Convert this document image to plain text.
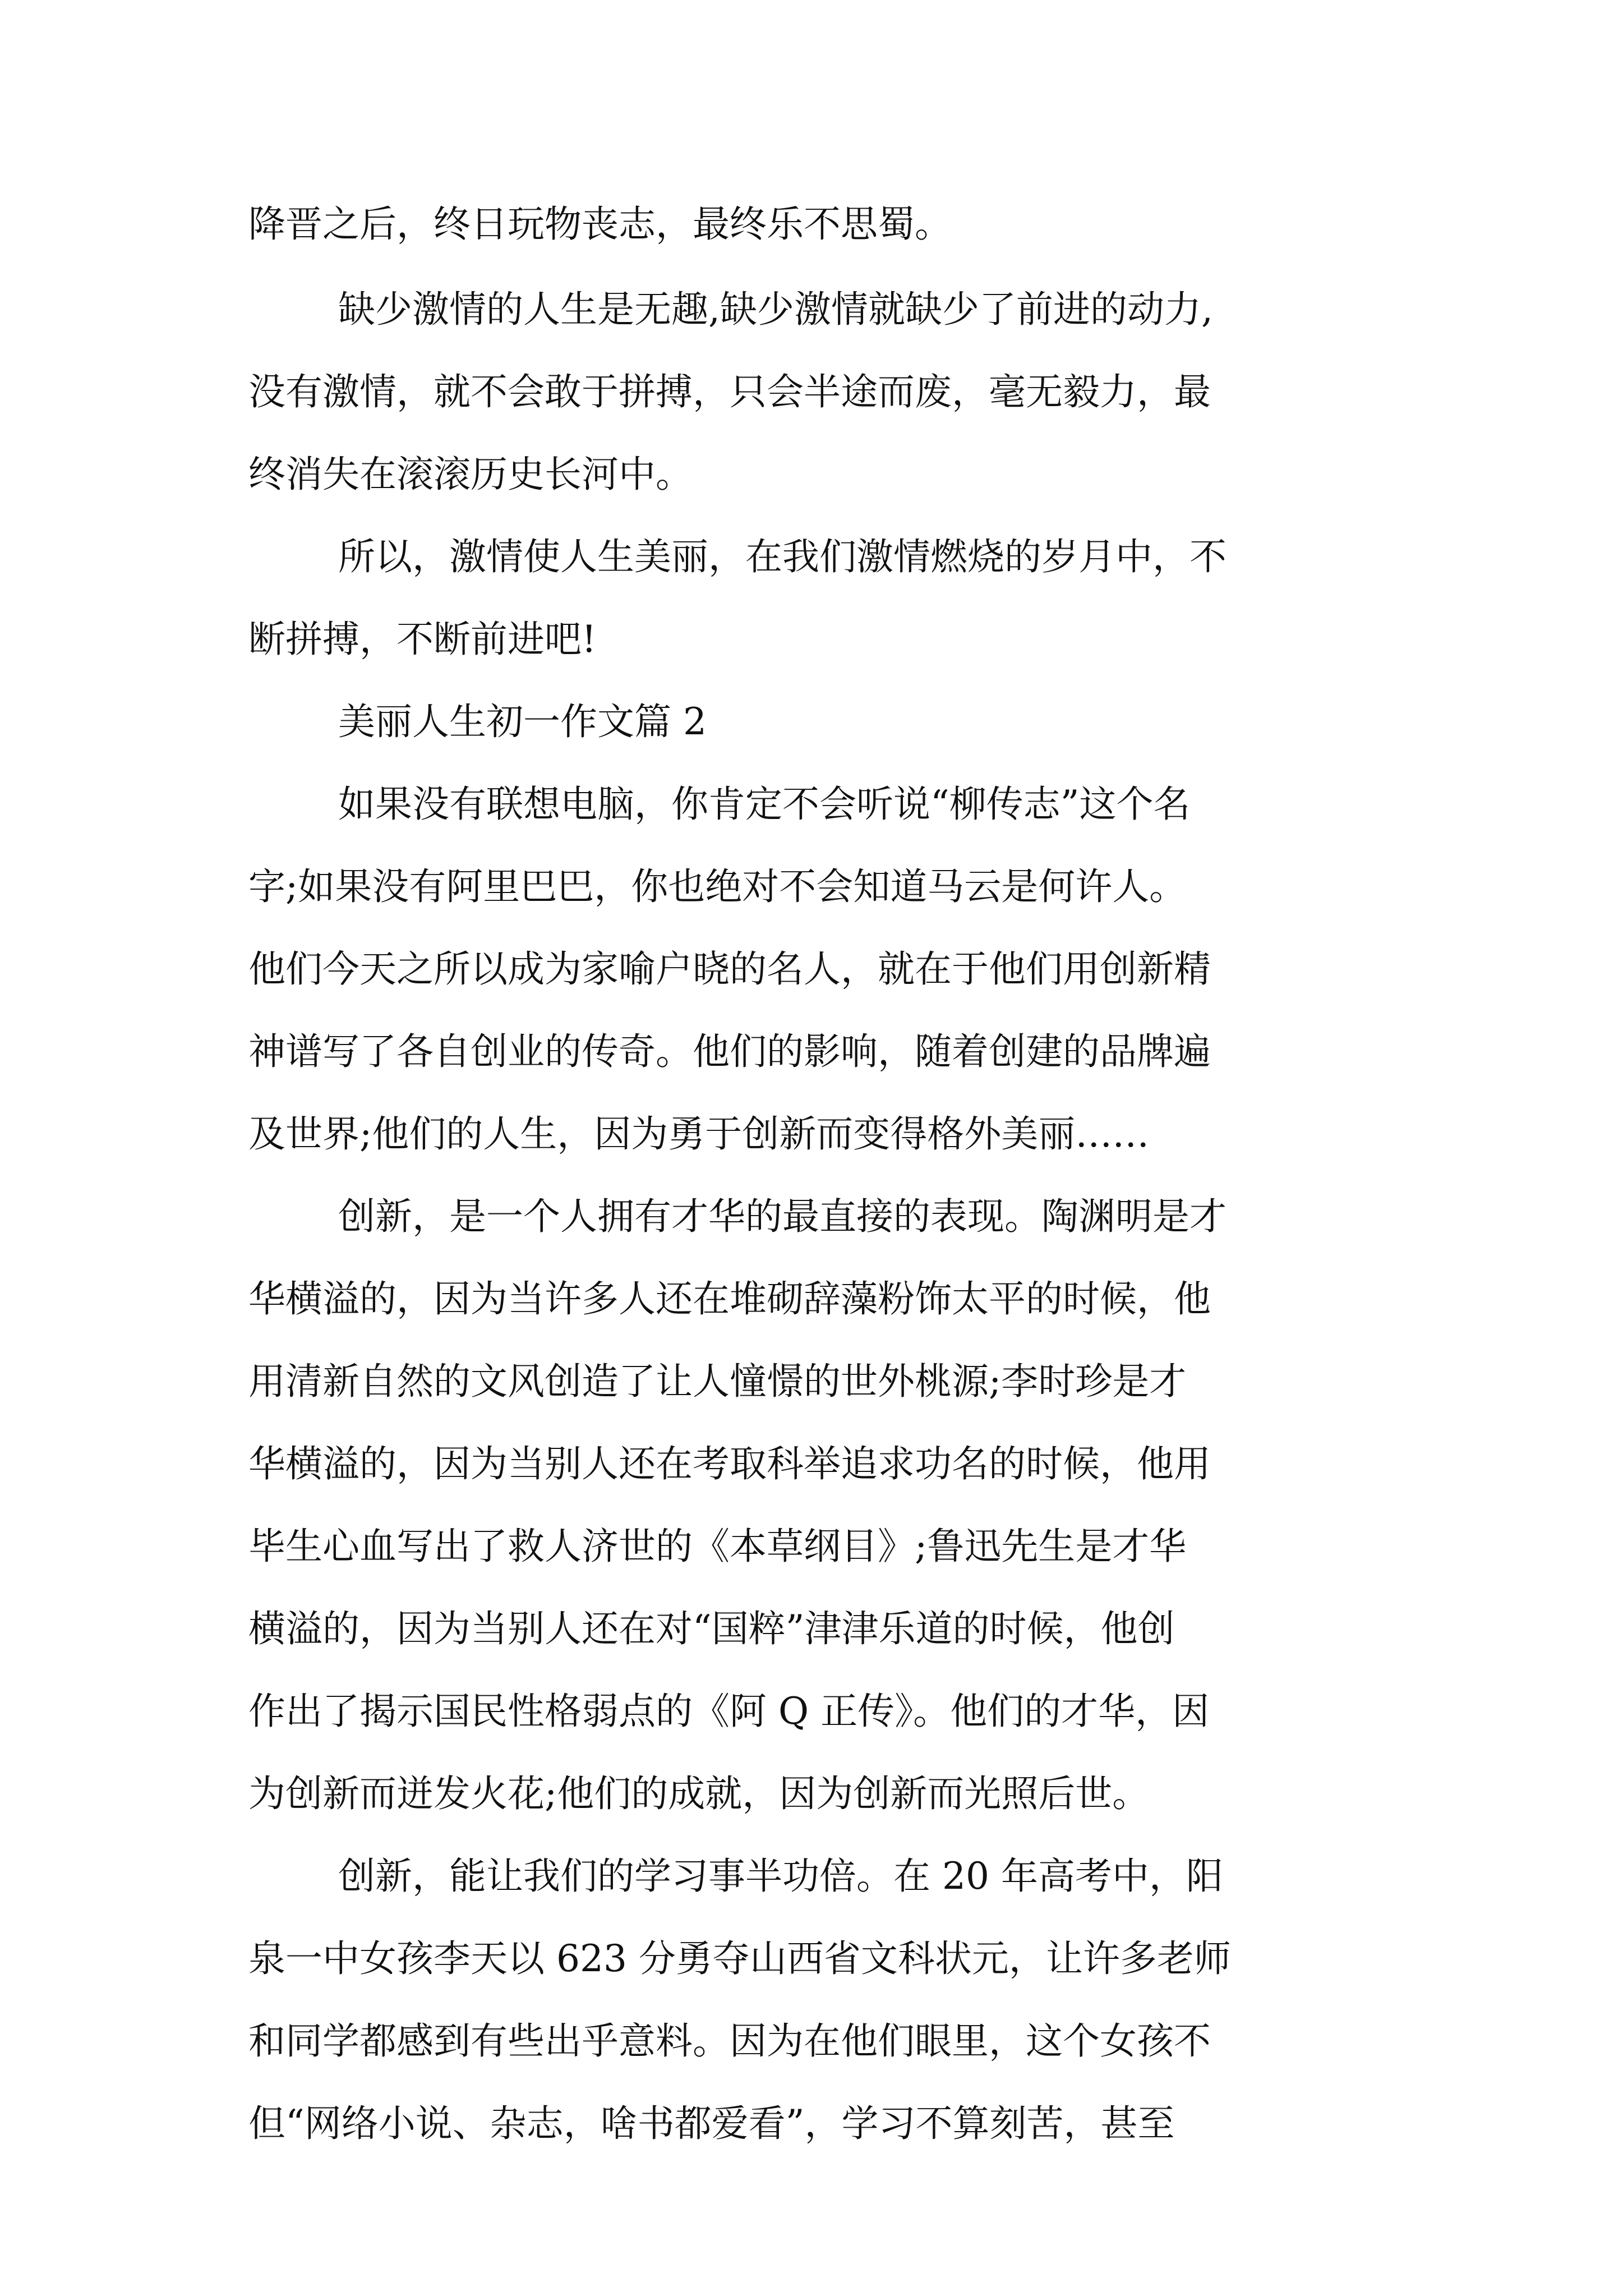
降晋之后，终日玩物丧志，最终乐不思蜀。

缺少激情的人生是无趣,缺少激情就缺少了前进的动力,

没有激情，就不会敢于拼搏，只会半途而废，毫无毅力，最

终消失在滚滚历史长河中。

所以，激情使人生美丽，在我们激情燃烧的岁月中，不

断拼搏，不断前进吧!

美丽人生初一作文篇 2

如果没有联想电脑，你肯定不会听说“柳传志”这个名

字;如果没有阿里巴巴，你也绝对不会知道马云是何许人。

他们今天之所以成为家喻户晓的名人，就在于他们用创新精

神谱写了各自创业的传奇。他们的影响，随着创建的品牌遍

及世界;他们的人生，因为勇于创新而变得格外美丽……

创新，是一个人拥有才华的最直接的表现。陶渊明是才

华横溢的，因为当许多人还在堆砌辞藻粉饰太平的时候，他

用清新自然的文风创造了让人憧憬的世外桃源;李时珍是才

华横溢的，因为当别人还在考取科举追求功名的时候，他用

毕生心血写出了救人济世的《本草纲目》;鲁迅先生是才华

横溢的，因为当别人还在对“国粹”津津乐道的时候，他创

作出了揭示国民性格弱点的《阿 Q 正传》。他们的才华，因

为创新而迸发火花;他们的成就，因为创新而光照后世。

创新，能让我们的学习事半功倍。在 20 年高考中，阳

泉一中女孩李天以 623 分勇夺山西省文科状元，让许多老师

和同学都感到有些出乎意料。因为在他们眼里，这个女孩不

但“网络小说、杂志，啥书都爱看”，学习不算刻苦，甚至
